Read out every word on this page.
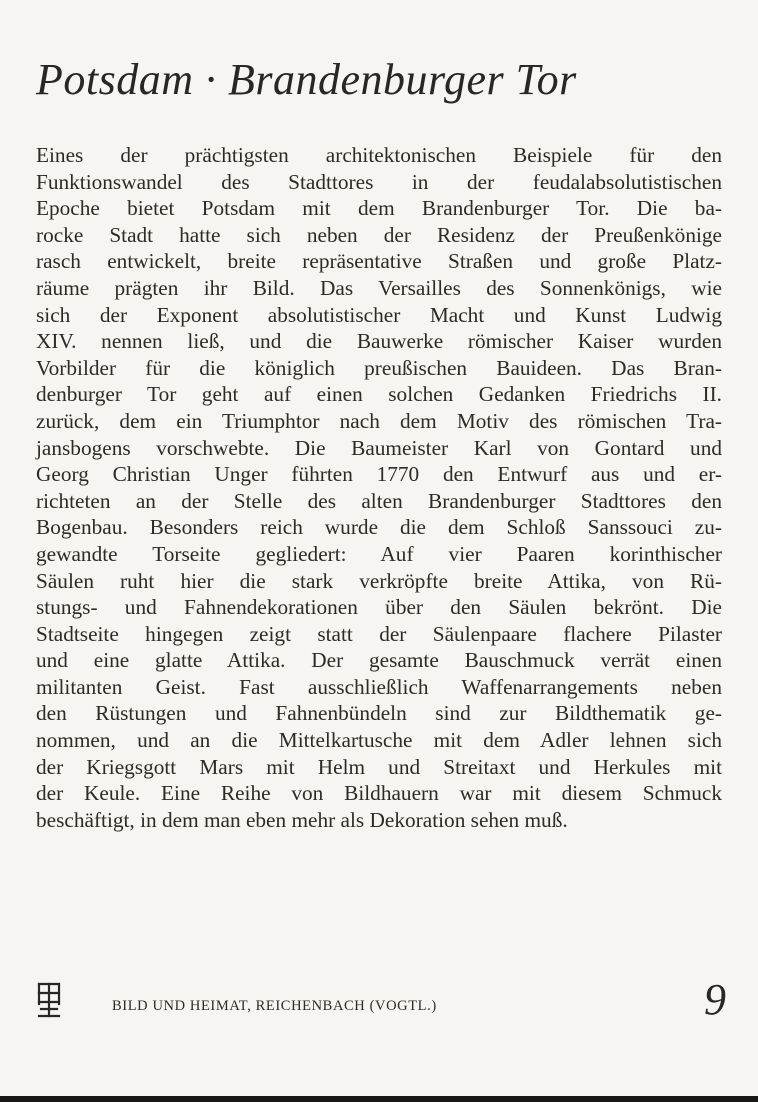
Potsdam · Brandenburger Tor
Eines der prächtigsten architektonischen Beispiele für den
Funktionswandel des Stadttores in der feudalabsolutistischen
Epoche bietet Potsdam mit dem Brandenburger Tor. Die ba-
rocke Stadt hatte sich neben der Residenz der Preußenkönige
rasch entwickelt, breite repräsentative Straßen und große Platz-
räume prägten ihr Bild. Das Versailles des Sonnenkönigs, wie
sich der Exponent absolutistischer Macht und Kunst Ludwig
XIV. nennen ließ, und die Bauwerke römischer Kaiser wurden
Vorbilder für die königlich preußischen Bauideen. Das Bran-
denburger Tor geht auf einen solchen Gedanken Friedrichs II.
zurück, dem ein Triumphtor nach dem Motiv des römischen Tra-
jansbogens vorschwebte. Die Baumeister Karl von Gontard und
Georg Christian Unger führten 1770 den Entwurf aus und er-
richteten an der Stelle des alten Brandenburger Stadttores den
Bogenbau. Besonders reich wurde die dem Schloß Sanssouci zu-
gewandte Torseite gegliedert: Auf vier Paaren korinthischer
Säulen ruht hier die stark verkröpfte breite Attika, von Rü-
stungs- und Fahnendekorationen über den Säulen bekrönt. Die
Stadtseite hingegen zeigt statt der Säulenpaare flachere Pilaster
und eine glatte Attika. Der gesamte Bauschmuck verrät einen
militanten Geist. Fast ausschließlich Waffenarrangements neben
den Rüstungen und Fahnenbündeln sind zur Bildthematik ge-
nommen, und an die Mittelkartusche mit dem Adler lehnen sich
der Kriegsgott Mars mit Helm und Streitaxt und Herkules mit
der Keule. Eine Reihe von Bildhauern war mit diesem Schmuck
beschäftigt, in dem man eben mehr als Dekoration sehen muß.
BILD UND HEIMAT, REICHENBACH (VOGTL.)	9
